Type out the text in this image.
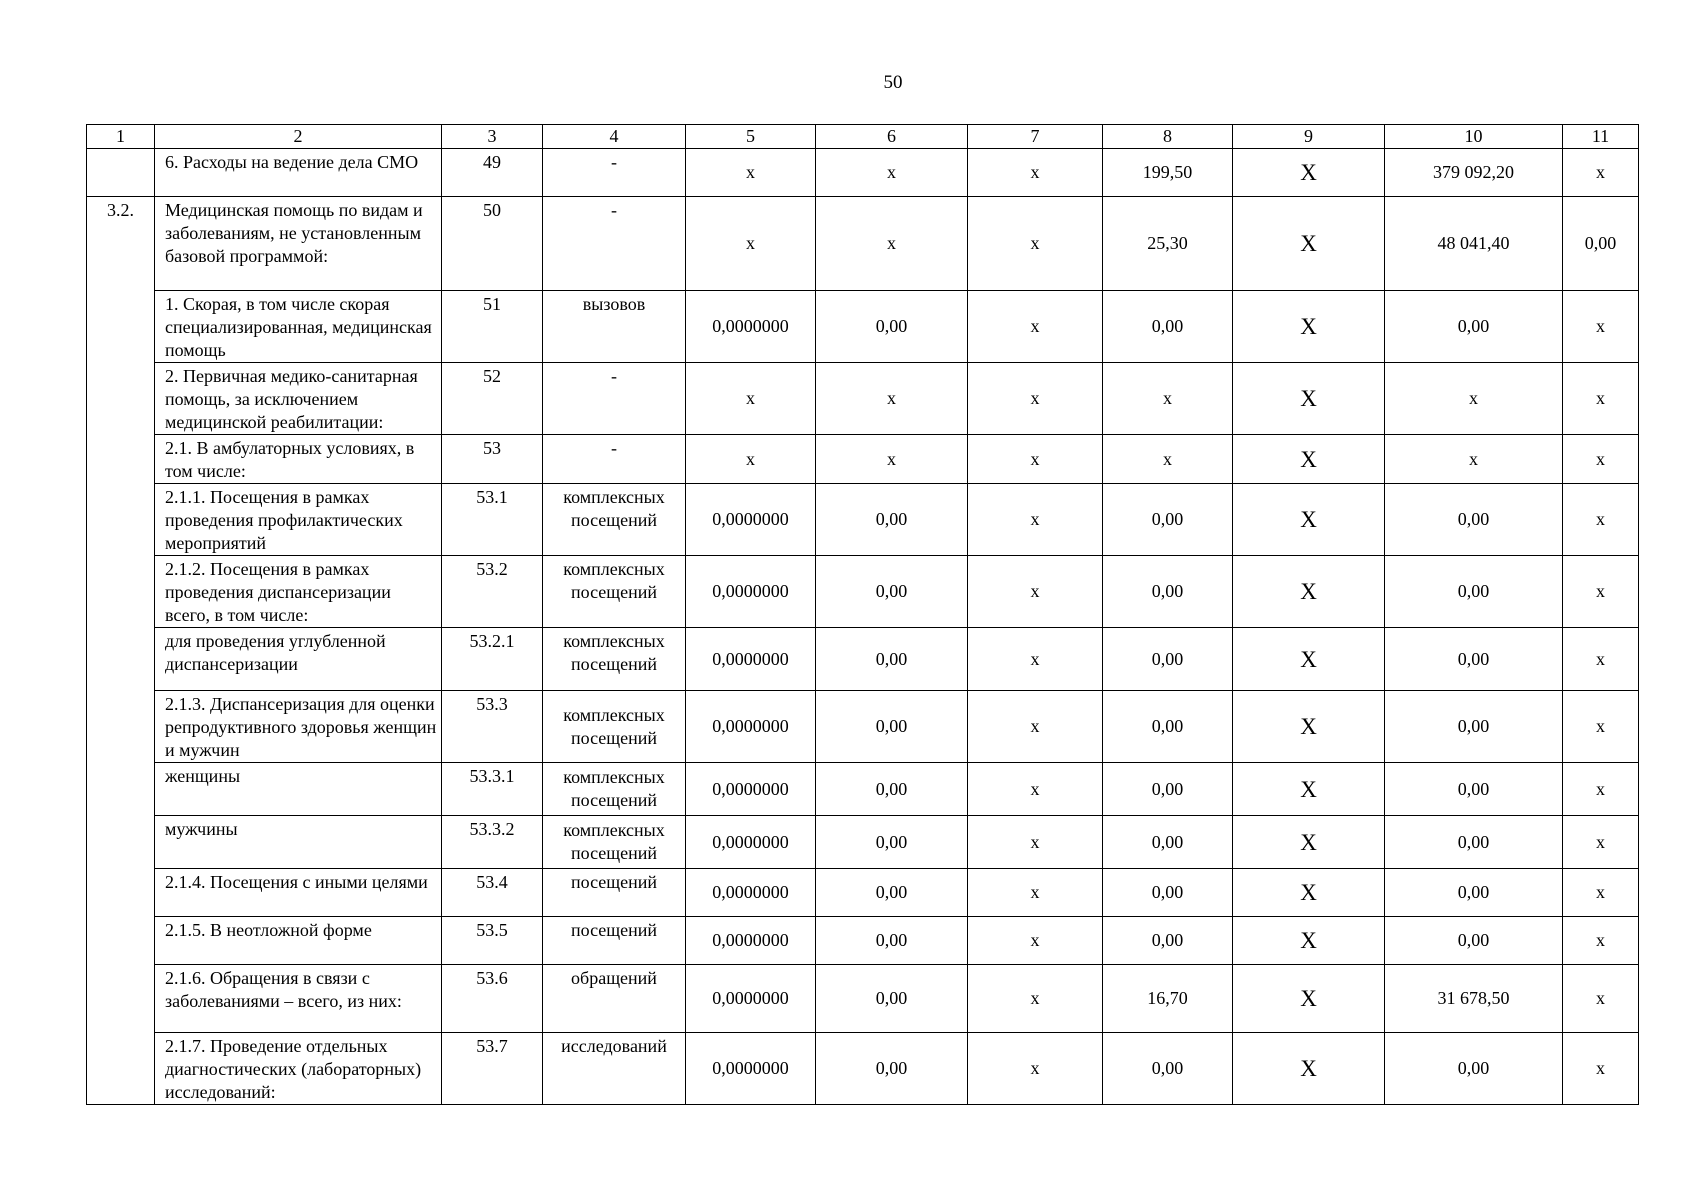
50
1	2	3	4	5	6	7	8	9	10	11
	6. Расходы на ведение дела СМО	49	-	х	х	х	199,50	Х	379 092,20	х
3.2.	Медицинская помощь по видам и заболеваниям, не установленным базовой программой:	50	-	х	х	х	25,30	Х	48 041,40	0,00
	1. Скорая, в том числе скорая специализированная, медицинская помощь	51	вызовов	0,0000000	0,00	х	0,00	Х	0,00	х
	2. Первичная медико-санитарная помощь, за исключением медицинской реабилитации:	52	-	х	х	х	х	Х	х	х
	2.1. В амбулаторных условиях, в том числе:	53	-	х	х	х	х	Х	х	х
	2.1.1. Посещения в рамках проведения профилактических мероприятий	53.1	комплексных посещений	0,0000000	0,00	х	0,00	Х	0,00	х
	2.1.2. Посещения в рамках проведения диспансеризации всего, в том числе:	53.2	комплексных посещений	0,0000000	0,00	х	0,00	Х	0,00	х
	для проведения углубленной диспансеризации	53.2.1	комплексных посещений	0,0000000	0,00	х	0,00	Х	0,00	х
	2.1.3. Диспансеризация для оценки репродуктивного здоровья женщин и мужчин	53.3	комплексных посещений	0,0000000	0,00	х	0,00	Х	0,00	х
	женщины	53.3.1	комплексных посещений	0,0000000	0,00	х	0,00	Х	0,00	х
	мужчины	53.3.2	комплексных посещений	0,0000000	0,00	х	0,00	Х	0,00	х
	2.1.4. Посещения с иными целями	53.4	посещений	0,0000000	0,00	х	0,00	Х	0,00	х
	2.1.5. В неотложной форме	53.5	посещений	0,0000000	0,00	х	0,00	Х	0,00	х
	2.1.6. Обращения в связи с заболеваниями – всего, из них:	53.6	обращений	0,0000000	0,00	х	16,70	Х	31 678,50	х
	2.1.7. Проведение отдельных диагностических (лабораторных) исследований:	53.7	исследований	0,0000000	0,00	х	0,00	Х	0,00	х
